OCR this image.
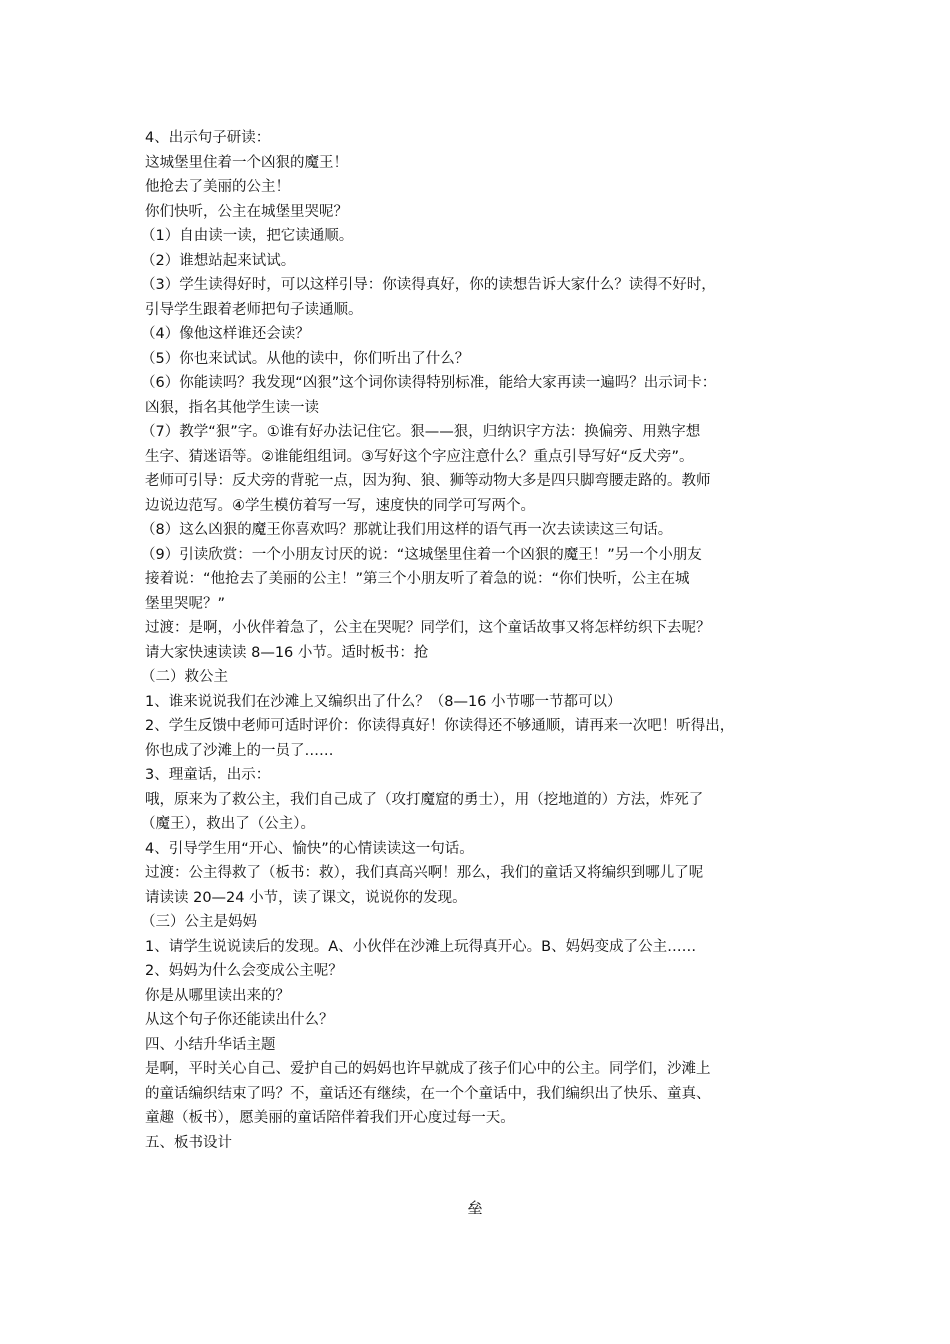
4、出示句子研读：
这城堡里住着一个凶狠的魔王！
他抢去了美丽的公主！
你们快听，公主在城堡里哭呢？
（1）自由读一读，把它读通顺。
（2）谁想站起来试试。
（3）学生读得好时，可以这样引导：你读得真好，你的读想告诉大家什么？读得不好时，
引导学生跟着老师把句子读通顺。
（4）像他这样谁还会读？
（5）你也来试试。从他的读中，你们听出了什么？
（6）你能读吗？我发现“凶狠”这个词你读得特别标准，能给大家再读一遍吗？出示词卡：
凶狠，指名其他学生读一读
（7）教学“狠”字。①谁有好办法记住它。狠——狠，归纳识字方法：换偏旁、用熟字想
生字、猜迷语等。②谁能组组词。③写好这个字应注意什么？重点引导写好“反犬旁”。
老师可引导：反犬旁的背驼一点，因为狗、狼、狮等动物大多是四只脚弯腰走路的。教师
边说边范写。④学生模仿着写一写，速度快的同学可写两个。
（8）这么凶狠的魔王你喜欢吗？那就让我们用这样的语气再一次去读读这三句话。
（9）引读欣赏：一个小朋友讨厌的说：“这城堡里住着一个凶狠的魔王！”另一个小朋友
接着说：“他抢去了美丽的公主！”第三个小朋友听了着急的说：“你们快听，公主在城
堡里哭呢？”
过渡：是啊，小伙伴着急了，公主在哭呢？同学们，这个童话故事又将怎样纺织下去呢？
请大家快速读读 8—16 小节。适时板书：抢
（二）救公主
1、谁来说说我们在沙滩上又编织出了什么？（8—16 小节哪一节都可以）
2、学生反馈中老师可适时评价：你读得真好！你读得还不够通顺，请再来一次吧！听得出，
你也成了沙滩上的一员了……
3、理童话，出示：
哦，原来为了救公主，我们自己成了（攻打魔窟的勇士），用（挖地道的）方法，炸死了
（魔王），救出了（公主）。
4、引导学生用“开心、愉快”的心情读读这一句话。
过渡：公主得救了（板书：救），我们真高兴啊！那么，我们的童话又将编织到哪儿了呢
请读读 20—24 小节，读了课文，说说你的发现。
（三）公主是妈妈
1、请学生说说读后的发现。A、小伙伴在沙滩上玩得真开心。B、妈妈变成了公主……
2、妈妈为什么会变成公主呢？
你是从哪里读出来的？
从这个句子你还能读出什么？
四、小结升华话主题
是啊，平时关心自己、爱护自己的妈妈也许早就成了孩子们心中的公主。同学们，沙滩上
的童话编织结束了吗？不，童话还有继续，在一个个童话中，我们编织出了快乐、童真、
童趣（板书），愿美丽的童话陪伴着我们开心度过每一天。
五、板书设计
垒
